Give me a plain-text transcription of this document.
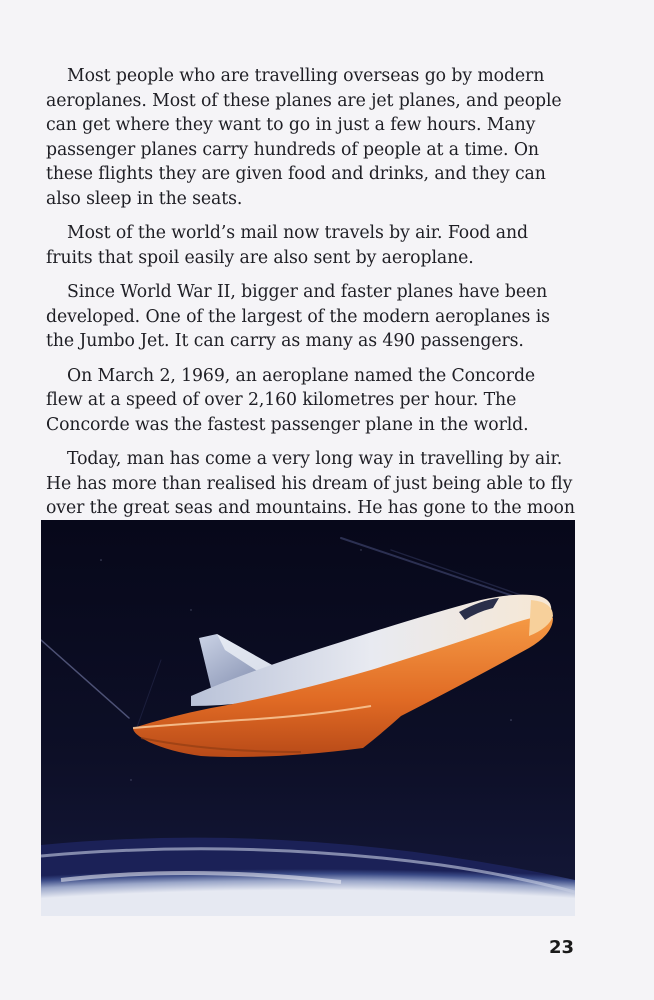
Most people who are travelling overseas go by modern aeroplanes. Most of these planes are jet planes, and people can get where they want to go in just a few hours. Many passenger planes carry hundreds of people at a time. On these flights they are given food and drinks, and they can also sleep in the seats.

Most of the world’s mail now travels by air. Food and fruits that spoil easily are also sent by aeroplane.

Since World War II, bigger and faster planes have been developed. One of the largest of the modern aeroplanes is the Jumbo Jet. It can carry as many as 490 passengers.

On March 2, 1969, an aeroplane named the Concorde flew at a speed of over 2,160 kilometres per hour. The Concorde was the fastest passenger plane in the world.

Today, man has come a very long way in travelling by air. He has more than realised his dream of just being able to fly over the great seas and mountains. He has gone to the moon

23
